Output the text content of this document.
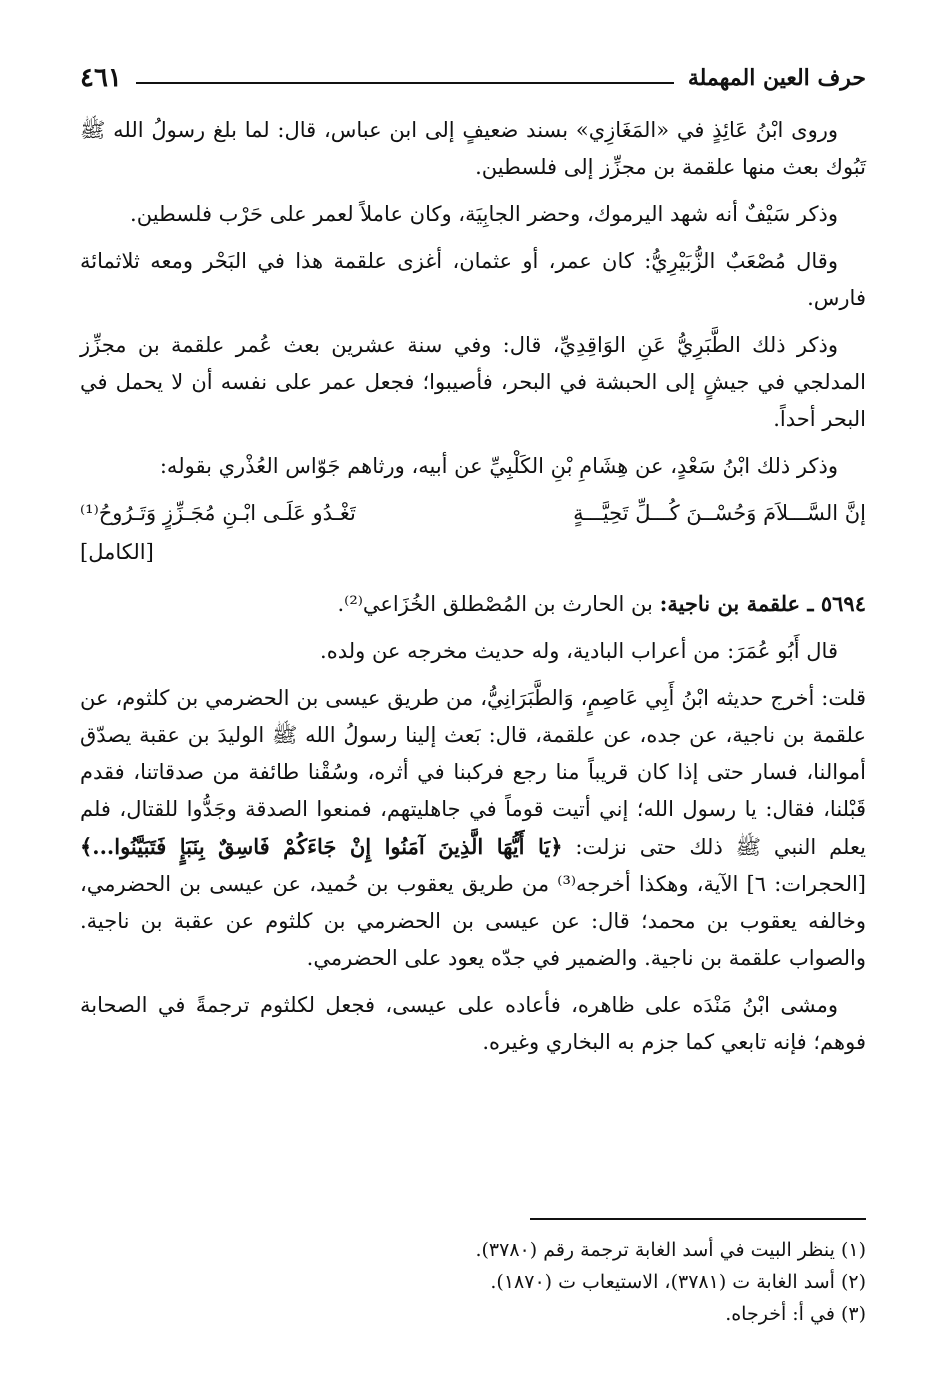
حرف العين المهملة
٤٦١

وروى ابْنُ عَائِذٍ في «المَغَازِي» بسند ضعيفٍ إلى ابن عباس، قال: لما بلغ رسولُ الله ﷺ تَبُوك بعث منها علقمة بن مجزِّز إلى فلسطين.

وذكر سَيْفٌ أنه شهد اليرموك، وحضر الجابِيَة، وكان عاملاً لعمر على حَرْب فلسطين.

وقال مُصْعَبٌ الزُّبَيْرِيُّ: كان عمر، أو عثمان، أغزى علقمة هذا في البَحْر ومعه ثلاثمائة فارس.

وذكر ذلك الطَّبَرِيُّ عَنِ الوَاقِدِيِّ، قال: وفي سنة عشرين بعث عُمر علقمة بن مجزِّز المدلجي في جيشٍ إلى الحبشة في البحر، فأصيبوا؛ فجعل عمر على نفسه أن لا يحمل في البحر أحداً.

وذكر ذلك ابْنُ سَعْدٍ، عن هِشَامِ بْنِ الكَلْبِيِّ عن أبيه، ورثاهم جَوّاس العُذْري بقوله:

إنَّ السَّـــلاَمَ وَحُسْــنَ كُـــلِّ تَحِيَّـــةٍ
تَغْـدُو عَلَـى ابْـنِ مُجَـزِّزٍ وَتَـرُوحُ⁽¹⁾
[الكامل]

٥٦٩٤ ـ علقمة بن ناجية: بن الحارث بن المُصْطلق الخُزَاعي⁽²⁾.

قال أَبُو عُمَرَ: من أعراب البادية، وله حديث مخرجه عن ولده.

قلت: أخرج حديثه ابْنُ أَبِي عَاصِمٍ، وَالطَّبَرَانِيُّ، من طريق عيسى بن الحضرمي بن كلثوم، عن علقمة بن ناجية، عن جده، عن علقمة، قال: بَعث إلينا رسولُ الله ﷺ الوليدَ بن عقبة يصدّق أموالنا، فسار حتى إذا كان قريباً منا رجع فركبنا في أثره، وسُقْنا طائفة من صدقاتنا، فقدم قَبْلنا، فقال: يا رسول الله؛ إني أتيت قوماً في جاهليتهم، فمنعوا الصدقة وجَدُّوا للقتال، فلم يعلم النبي ﷺ ذلك حتى نزلت: ﴿يَا أَيُّهَا الَّذِينَ آمَنُوا إِنْ جَاءَكُمْ فَاسِقٌ بِنَبَإٍ فَتَبَيَّنُوا...﴾ [الحجرات: ٦] الآية، وهكذا أخرجه⁽³⁾ من طريق يعقوب بن حُميد، عن عيسى بن الحضرمي، وخالفه يعقوب بن محمد؛ قال: عن عيسى بن الحضرمي بن كلثوم عن عقبة بن ناجية. والصواب علقمة بن ناجية. والضمير في جدّه يعود على الحضرمي.

ومشى ابْنُ مَنْدَه على ظاهره، فأعاده على عيسى، فجعل لكلثوم ترجمةً في الصحابة فوهم؛ فإنه تابعي كما جزم به البخاري وغيره.

(١) ينظر البيت في أسد الغابة ترجمة رقم (٣٧٨٠).
(٢) أسد الغابة ت (٣٧٨١)، الاستيعاب ت (١٨٧٠).
(٣) في أ: أخرجاه.
